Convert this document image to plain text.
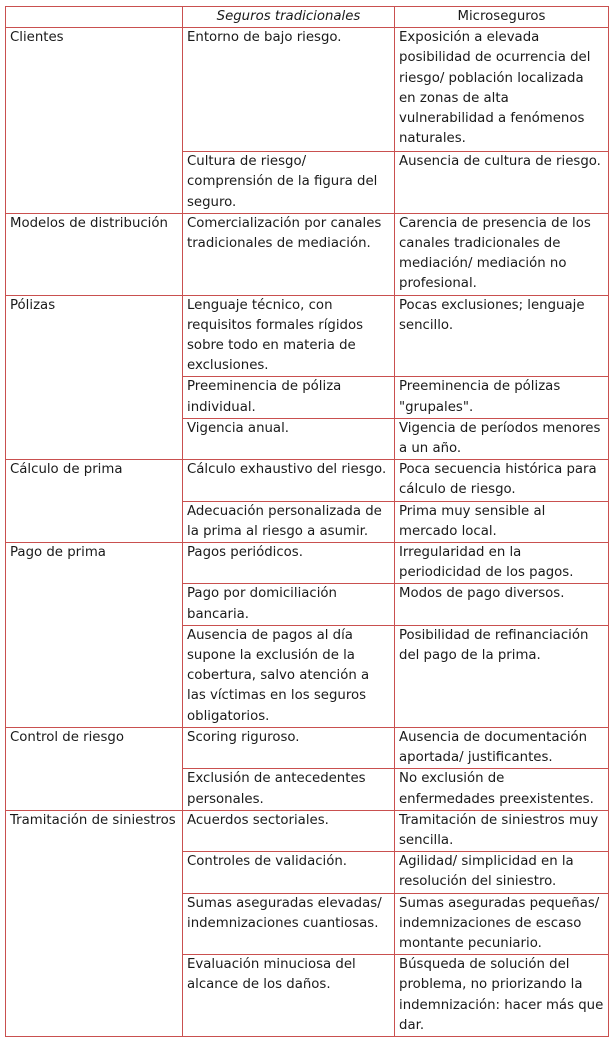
	Seguros tradicionales	Microseguros
Clientes	Entorno de bajo riesgo.	Exposición a elevada posibilidad de ocurrencia del riesgo/ población localizada en zonas de alta vulnerabilidad a fenómenos naturales.
	Cultura de riesgo/ comprensión de la figura del seguro.	Ausencia de cultura de riesgo.
Modelos de distribución	Comercialización por canales tradicionales de mediación.	Carencia de presencia de los canales tradicionales de mediación/ mediación no profesional.
Pólizas	Lenguaje técnico, con requisitos formales rígidos sobre todo en materia de exclusiones.	Pocas exclusiones; lenguaje sencillo.
	Preeminencia de póliza individual.	Preeminencia de pólizas "grupales".
	Vigencia anual.	Vigencia de períodos menores a un año.
Cálculo de prima	Cálculo exhaustivo del riesgo.	Poca secuencia histórica para cálculo de riesgo.
	Adecuación personalizada de la prima al riesgo a asumir.	Prima muy sensible al mercado local.
Pago de prima	Pagos periódicos.	Irregularidad en la periodicidad de los pagos.
	Pago por domiciliación bancaria.	Modos de pago diversos.
	Ausencia de pagos al día supone la exclusión de la cobertura, salvo atención a las víctimas en los seguros obligatorios.	Posibilidad de refinanciación del pago de la prima.
Control de riesgo	Scoring riguroso.	Ausencia de documentación aportada/ justificantes.
	Exclusión de antecedentes personales.	No exclusión de enfermedades preexistentes.
Tramitación de siniestros	Acuerdos sectoriales.	Tramitación de siniestros muy sencilla.
	Controles de validación.	Agilidad/ simplicidad en la resolución del siniestro.
	Sumas aseguradas elevadas/ indemnizaciones cuantiosas.	Sumas aseguradas pequeñas/ indemnizaciones de escaso montante pecuniario.
	Evaluación minuciosa del alcance de los daños.	Búsqueda de solución del problema, no priorizando la indemnización: hacer más que dar.
